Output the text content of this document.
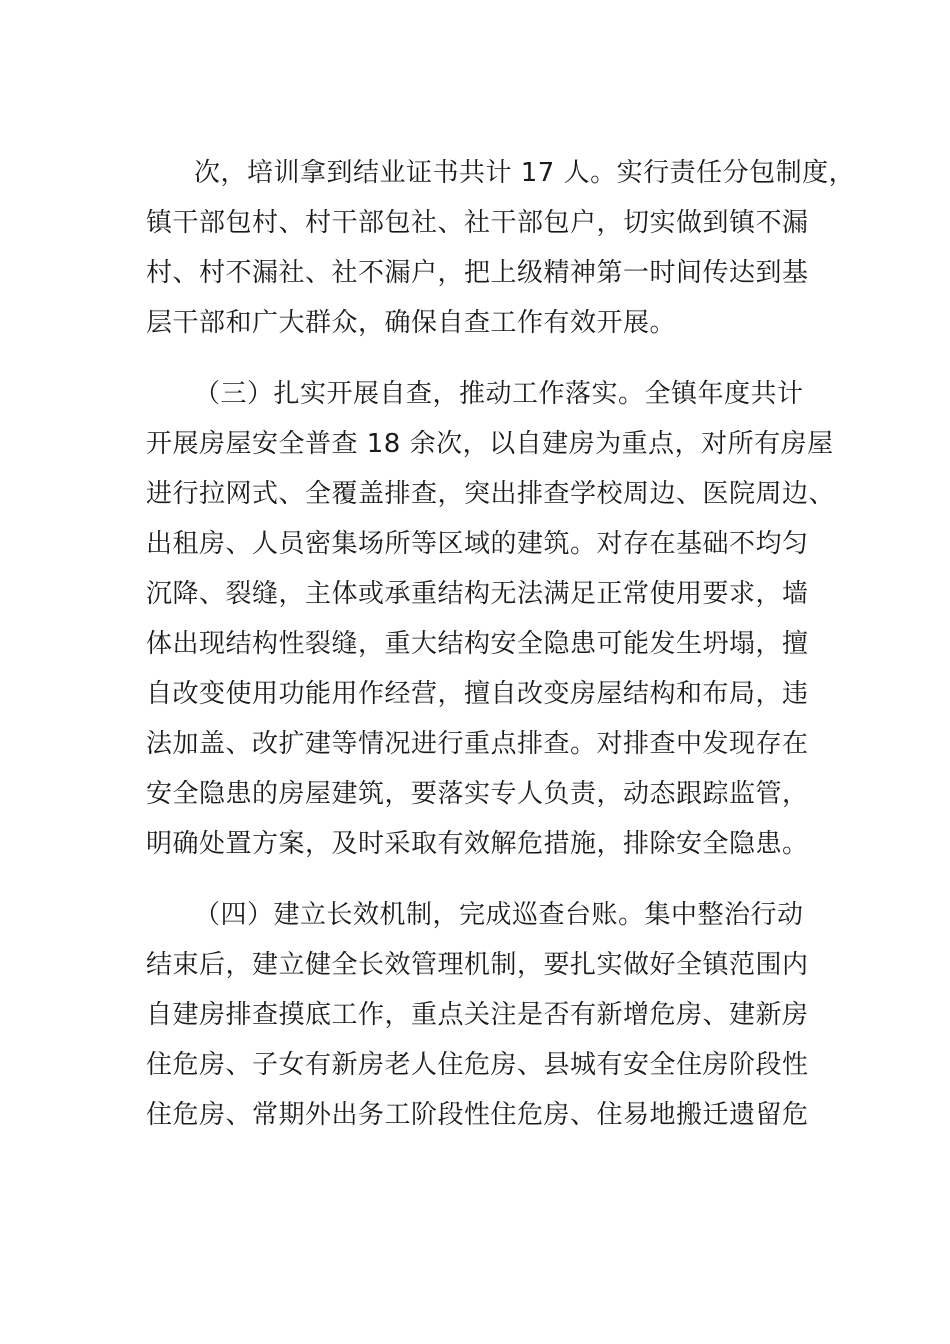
次，培训拿到结业证书共计 17 人。实行责任分包制度，
镇干部包村、村干部包社、社干部包户，切实做到镇不漏
村、村不漏社、社不漏户，把上级精神第一时间传达到基
层干部和广大群众，确保自查工作有效开展。
（三）扎实开展自查，推动工作落实。全镇年度共计
开展房屋安全普查 18 余次，以自建房为重点，对所有房屋
进行拉网式、全覆盖排查，突出排查学校周边、医院周边、
出租房、人员密集场所等区域的建筑。对存在基础不均匀
沉降、裂缝，主体或承重结构无法满足正常使用要求，墙
体出现结构性裂缝，重大结构安全隐患可能发生坍塌，擅
自改变使用功能用作经营，擅自改变房屋结构和布局，违
法加盖、改扩建等情况进行重点排查。对排查中发现存在
安全隐患的房屋建筑，要落实专人负责，动态跟踪监管，
明确处置方案，及时采取有效解危措施，排除安全隐患。
（四）建立长效机制，完成巡查台账。集中整治行动
结束后，建立健全长效管理机制，要扎实做好全镇范围内
自建房排查摸底工作，重点关注是否有新增危房、建新房
住危房、子女有新房老人住危房、县城有安全住房阶段性
住危房、常期外出务工阶段性住危房、住易地搬迁遗留危
